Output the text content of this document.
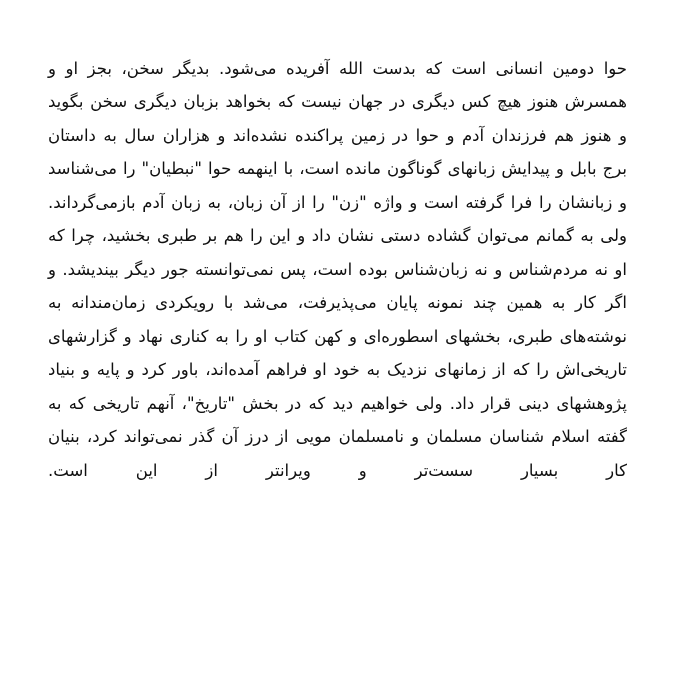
حوا دومین انسانی است که بدست الله آفریده می‌شود. بدیگر سخن، بجز او و همسرش هنوز هیچ کس دیگری در جهان نیست که بخواهد بزبان دیگری سخن بگوید و هنوز هم فرزندان آدم و حوا در زمین پراکنده نشده‌اند و هزاران سال به داستان برج بابل و پیدایش زبانهای گوناگون مانده است، با اینهمه حوا "نبطیان" را می‌شناسد و زبانشان را فرا گرفته است و واژه "زن" را از آن زبان، به زبان آدم بازمی‌گرداند. ولی به گمانم می‌توان گشاده دستی نشان داد و این را هم بر طبری بخشید، چرا که او نه مردم‌شناس و نه زبان‌شناس بوده است، پس نمی‌توانسته جور دیگر بیندیشد. و اگر کار به همین چند نمونه پایان می‌پذیرفت، می‌شد با رویکردی زمان‌مندانه به نوشته‌های طبری، بخشهای اسطوره‌ای و کهن کتاب او را به کناری نهاد و گزارشهای تاریخی‌اش را که از زمانهای نزدیک به خود او فراهم آمده‌اند، باور کرد و پایه و بنیاد پژوهشهای دینی قرار داد. ولی خواهیم دید که در بخش "تاریخ"، آنهم تاریخی که به گفته اسلام شناسان مسلمان و نامسلمان مویی از درز آن گذر نمی‌تواند کرد، بنیان کار بسیار سست‌تر و ویرانتر از این است.
